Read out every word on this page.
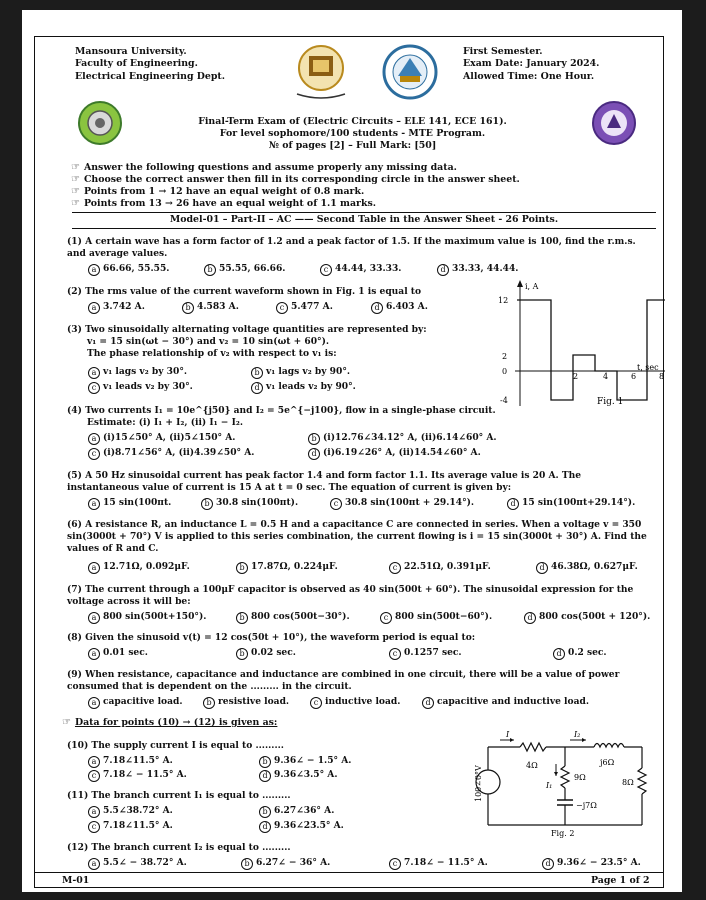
Mansoura University.
Faculty of Engineering.
Electrical Engineering Dept.
First Semester.
Exam Date: January 2024.
Allowed Time: One Hour.
Final-Term Exam of (Electric Circuits – ELE 141, ECE 161).
For level sophomore/100 students - MTE Program.
№ of pages [2] – Full Mark: [50]
☞ Answer the following questions and assume properly any missing data.
☞ Choose the correct answer then fill in its corresponding circle in the answer sheet.
☞ Points from 1 → 12 have an equal weight of 0.8 mark.
☞ Points from 13 → 26 have an equal weight of 1.1 marks.
Model-01 – Part-II – AC —— Second Table in the Answer Sheet - 26 Points.
(1) A certain wave has a form factor of 1.2 and a peak factor of 1.5. If the maximum value is 100, find the r.m.s. and average values.
a 66.66, 55.55.	b 55.55, 66.66.	c 44.44, 33.33.	d 33.33, 44.44.
(2) The rms value of the current waveform shown in Fig. 1 is equal to
a 3.742 A.	b 4.583 A.	c 5.477 A.	d 6.403 A.
(3) Two sinusoidally alternating voltage quantities are represented by:
v₁ = 15 sin(ωt − 30°) and v₂ = 10 sin(ωt + 60°).
The phase relationship of v₂ with respect to v₁ is:
a v₁ lags v₂ by 30°.	b v₁ lags v₂ by 90°.
c v₁ leads v₂ by 30°.	d v₁ leads v₂ by 90°.
i, A
12
2
0
-4
2	4	6	8
t, sec
Fig. 1
(4) Two currents I₁ = 10e^{j50} and I₂ = 5e^{−j100}, flow in a single-phase circuit.
Estimate: (i) I₁ + I₂, (ii) I₁ − I₂.
a (i)15∠50° A, (ii)5∠150° A.	b (i)12.76∠34.12° A, (ii)6.14∠60° A.
c (i)8.71∠56° A, (ii)4.39∠50° A.	d (i)6.19∠26° A, (ii)14.54∠60° A.
(5) A 50 Hz sinusoidal current has peak factor 1.4 and form factor 1.1. Its average value is 20 A. The instantaneous value of current is 15 A at t = 0 sec. The equation of current is given by:
a 15 sin(100πt.	b 30.8 sin(100πt).	c 30.8 sin(100πt + 29.14°).	d 15 sin(100πt+29.14°).
(6) A resistance R, an inductance L = 0.5 H and a capacitance C are connected in series. When a voltage v = 350 sin(3000t + 70°) V is applied to this series combination, the current flowing is i = 15 sin(3000t + 30°) A. Find the values of R and C.
a 12.71Ω, 0.092μF.	b 17.87Ω, 0.224μF.	c 22.51Ω, 0.391μF.	d 46.38Ω, 0.627μF.
(7) The current through a 100μF capacitor is observed as 40 sin(500t + 60°). The sinusoidal expression for the voltage across it will be:
a 800 sin(500t+150°).	b 800 cos(500t−30°).	c 800 sin(500t−60°).	d 800 cos(500t + 120°).
(8) Given the sinusoid v(t) = 12 cos(50t + 10°), the waveform period is equal to:
a 0.01 sec.	b 0.02 sec.	c 0.1257 sec.	d 0.2 sec.
(9) When resistance, capacitance and inductance are combined in one circuit, there will be a value of power consumed that is dependent on the ......... in the circuit.
a capacitive load.	b resistive load.	c inductive load.	d capacitive and inductive load.
☞ Data for points (10) → (12) is given as:
(10) The supply current I is equal to .........
a 7.18∠11.5° A.	b 9.36∠ − 1.5° A.
c 7.18∠ − 11.5° A.	d 9.36∠3.5° A.
(11) The branch current I₁ is equal to .........
a 5.5∠38.72° A.	b 6.27∠36° A.
c 7.18∠11.5° A.	d 9.36∠23.5° A.
I	I₂
I₁
4Ω
9Ω
j6Ω
8Ω
−j7Ω
100∠0°V
Fig. 2
(12) The branch current I₂ is equal to .........
a 5.5∠ − 38.72° A.	b 6.27∠ − 36° A.	c 7.18∠ − 11.5° A.	d 9.36∠ − 23.5° A.
M-01	Page 1 of 2
